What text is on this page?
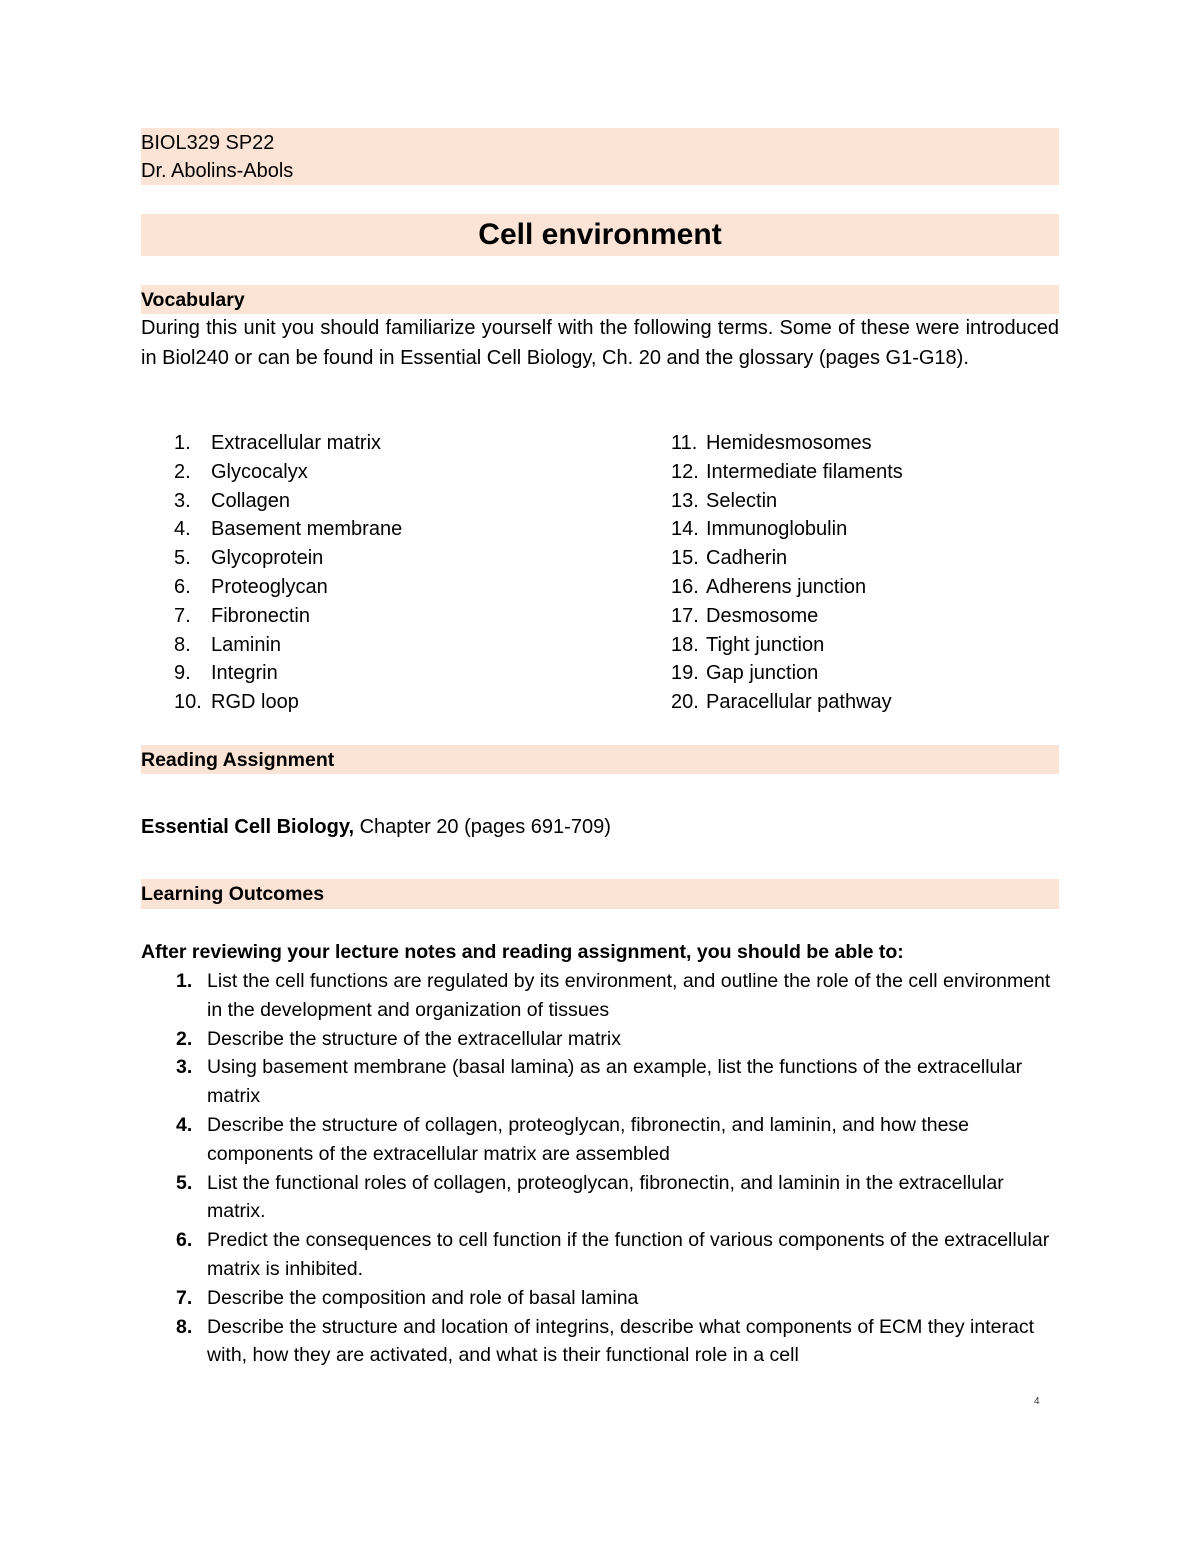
BIOL329 SP22
Dr. Abolins-Abols
Cell environment
Vocabulary
During this unit you should familiarize yourself with the following terms. Some of these were introduced in Biol240 or can be found in Essential Cell Biology, Ch. 20 and the glossary (pages G1-G18).
1.	Extracellular matrix
2.	Glycocalyx
3.	Collagen
4.	Basement membrane
5.	Glycoprotein
6.	Proteoglycan
7.	Fibronectin
8.	Laminin
9.	Integrin
10. RGD loop
11. Hemidesmosomes
12. Intermediate filaments
13. Selectin
14. Immunoglobulin
15. Cadherin
16. Adherens junction
17. Desmosome
18. Tight junction
19. Gap junction
20. Paracellular pathway
Reading Assignment
Essential Cell Biology, Chapter 20 (pages 691-709)
Learning Outcomes
After reviewing your lecture notes and reading assignment, you should be able to:
1. List the cell functions are regulated by its environment, and outline the role of the cell environment in the development and organization of tissues
2. Describe the structure of the extracellular matrix
3. Using basement membrane (basal lamina) as an example, list the functions of the extracellular matrix
4. Describe the structure of collagen, proteoglycan, fibronectin, and laminin, and how these components of the extracellular matrix are assembled
5. List the functional roles of collagen, proteoglycan, fibronectin, and laminin in the extracellular matrix.
6. Predict the consequences to cell function if the function of various components of the extracellular matrix is inhibited.
7. Describe the composition and role of basal lamina
8. Describe the structure and location of integrins, describe what components of ECM they interact with, how they are activated, and what is their functional role in a cell
4
